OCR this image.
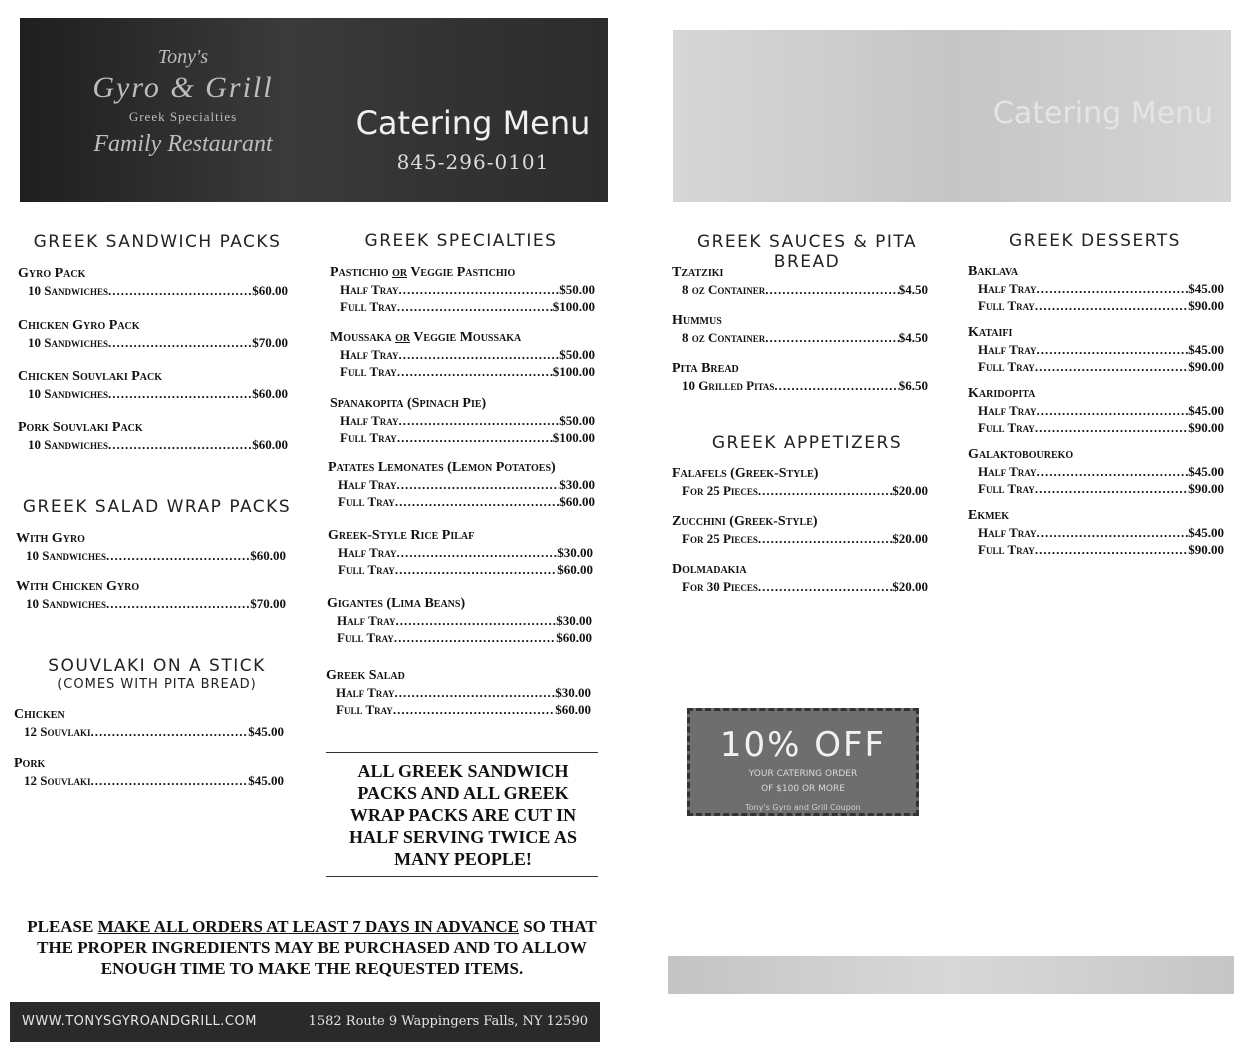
Tony's
Gyro & Grill
Greek Specialties
Family Restaurant
Catering Menu
845-296-0101
GREEK SANDWICH PACKS
Gyro Pack
10 Sandwiches .....	$60.00
Chicken Gyro Pack
10 Sandwiches .....	$70.00
Chicken Souvlaki Pack
10 Sandwiches .....	$60.00
Pork Souvlaki Pack
10 Sandwiches .....	$60.00
GREEK SALAD WRAP PACKS
With Gyro
10 Sandwiches .....	$60.00
With Chicken Gyro
10 Sandwiches .....	$70.00
SOUVLAKI ON A STICK
(COMES WITH PITA BREAD)
Chicken
12 Souvlaki .....	$45.00
Pork
12 Souvlaki .....	$45.00
GREEK SPECIALTIES
Pastichio or Veggie Pastichio
Half Tray .....	$50.00
Full Tray .....	$100.00
Moussaka or Veggie Moussaka
Half Tray .....	$50.00
Full Tray .....	$100.00
Spanakopita (Spinach Pie)
Half Tray .....	$50.00
Full Tray .....	$100.00
Patates Lemonates (Lemon Potatoes)
Half Tray .....	$30.00
Full Tray .....	$60.00
Greek-Style Rice Pilaf
Half Tray .....	$30.00
Full Tray .....	$60.00
Gigantes (Lima Beans)
Half Tray .....	$30.00
Full Tray .....	$60.00
Greek Salad
Half Tray .....	$30.00
Full Tray .....	$60.00
ALL GREEK SANDWICH PACKS AND ALL GREEK WRAP PACKS ARE CUT IN HALF SERVING TWICE AS MANY PEOPLE!
PLEASE MAKE ALL ORDERS AT LEAST 7 DAYS IN ADVANCE SO THAT THE PROPER INGREDIENTS MAY BE PURCHASED AND TO ALLOW ENOUGH TIME TO MAKE THE REQUESTED ITEMS.
WWW.TONYSGYROANDGRILL.COM	1582 Route 9 Wappingers Falls, NY 12590
Catering Menu
GREEK SAUCES & PITA BREAD
Tzatziki
8 oz Container .....	$4.50
Hummus
8 oz Container .....	$4.50
Pita Bread
10 Grilled Pitas .....	$6.50
GREEK APPETIZERS
Falafels (Greek-Style)
For 25 Pieces .....	$20.00
Zucchini (Greek-Style)
For 25 Pieces .....	$20.00
Dolmadakia
For 30 Pieces .....	$20.00
GREEK DESSERTS
Baklava
Half Tray .....	$45.00
Full Tray .....	$90.00
Kataifi
Half Tray .....	$45.00
Full Tray .....	$90.00
Karidopita
Half Tray .....	$45.00
Full Tray .....	$90.00
Galaktoboureko
Half Tray .....	$45.00
Full Tray .....	$90.00
Ekmek
Half Tray .....	$45.00
Full Tray .....	$90.00
10% OFF
YOUR CATERING ORDER
OF $100 OR MORE
Tony's Gyro and Grill Coupon
